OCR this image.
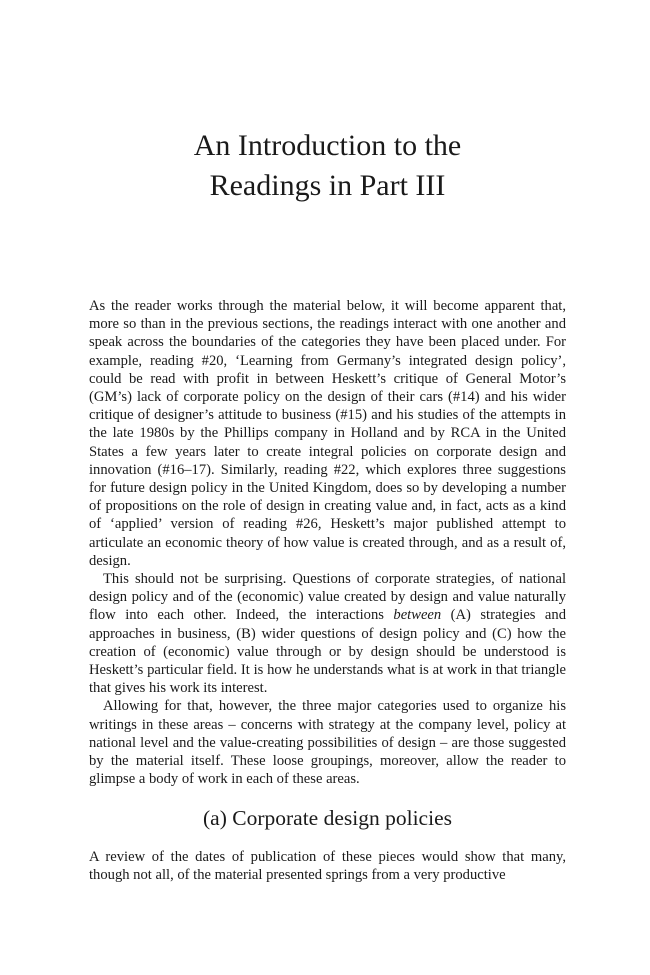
An Introduction to the
Readings in Part III

As the reader works through the material below, it will become apparent that, more so than in the previous sections, the readings interact with one another and speak across the boundaries of the categories they have been placed under. For example, reading #20, ‘Learning from Germany’s integrated design policy’, could be read with profit in between Heskett’s critique of General Motor’s (GM’s) lack of corporate policy on the design of their cars (#14) and his wider critique of designer’s attitude to business (#15) and his studies of the attempts in the late 1980s by the Phillips company in Holland and by RCA in the United States a few years later to create integral policies on corporate design and innovation (#16–17). Similarly, reading #22, which explores three suggestions for future design policy in the United Kingdom, does so by developing a number of propositions on the role of design in creating value and, in fact, acts as a kind of ‘applied’ version of reading #26, Heskett’s major published attempt to articulate an economic theory of how value is created through, and as a result of, design.

This should not be surprising. Questions of corporate strategies, of national design policy and of the (economic) value created by design and value naturally flow into each other. Indeed, the interactions between (A) strategies and approaches in business, (B) wider questions of design policy and (C) how the creation of (economic) value through or by design should be understood is Heskett’s particular field. It is how he understands what is at work in that triangle that gives his work its interest.

Allowing for that, however, the three major categories used to organize his writings in these areas – concerns with strategy at the company level, policy at national level and the value-creating possibilities of design – are those suggested by the material itself. These loose groupings, moreover, allow the reader to glimpse a body of work in each of these areas.

(a) Corporate design policies

A review of the dates of publication of these pieces would show that many, though not all, of the material presented springs from a very productive
